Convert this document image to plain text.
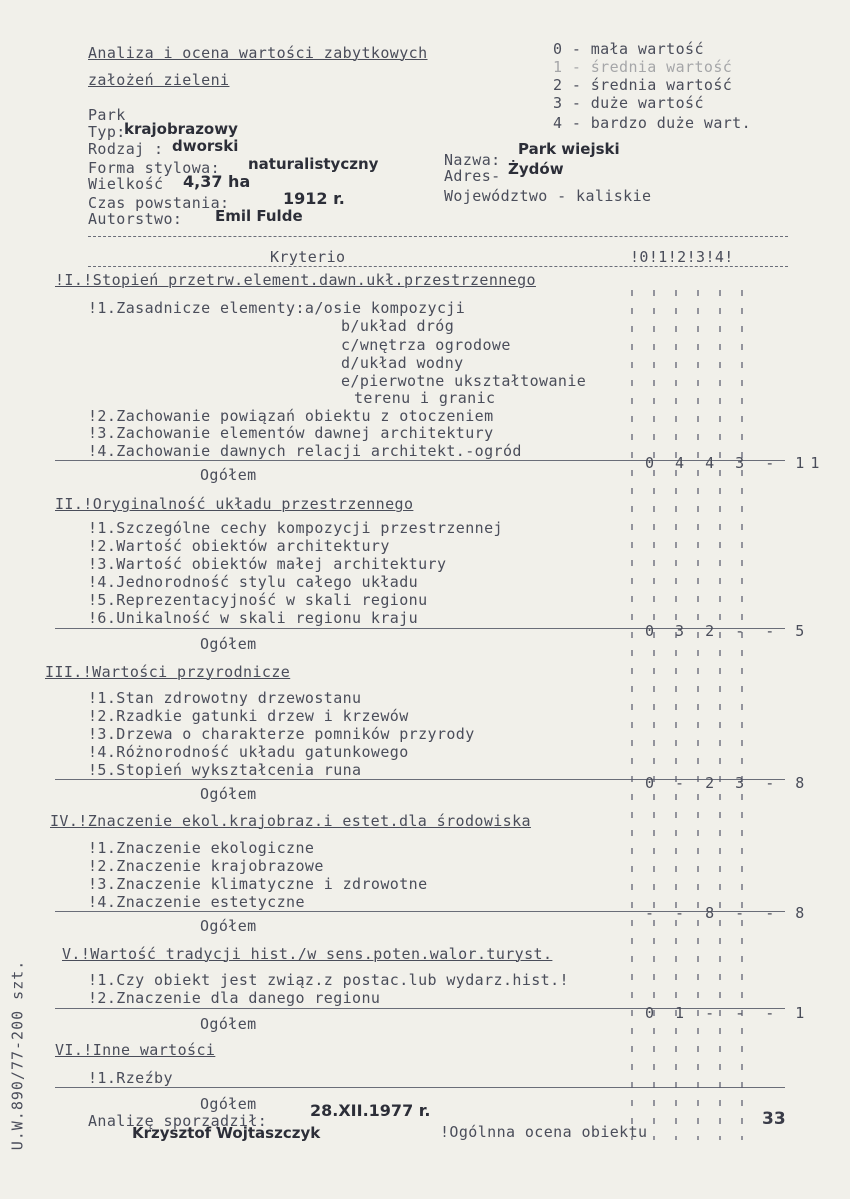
Analiza i ocena wartości zabytkowych
założeń zieleni
0 - mała wartość
1 - średnia wartość
2 - średnia wartość
3 - duże wartość
4 - bardzo duże wart.
Park
Typ:
krajobrazowy
Rodzaj : dworski
Forma stylowa: naturalistyczny
Wielkość 4,37 ha
Czas powstania:	1912 r.
Autorstwo: Emil Fulde
Nazwa:
Park wiejski
Adres- Żydów
Województwo - kaliskie
Kryterio	!0!1!2!3!4!
!I.!Stopień przetrw.element.dawn.ukł.przestrzennego
!1.Zasadnicze elementy:a/osie kompozycji
b/układ dróg
c/wnętrza ogrodowe
d/układ wodny
e/pierwotne ukształtowanie
terenu i granic
!2.Zachowanie powiązań obiektu z otoczeniem
!3.Zachowanie elementów dawnej architektury
!4.Zachowanie dawnych relacji architekt.-ogród
Ogółem
0 4 4 3 - 11
II.!Oryginalność układu przestrzennego
!1.Szczególne cechy kompozycji przestrzennej
!2.Wartość obiektów architektury
!3.Wartość obiektów małej architektury
!4.Jednorodność stylu całego układu
!5.Reprezentacyjność w skali regionu
!6.Unikalność w skali regionu kraju
Ogółem
0 3 2 - - 5
III.!Wartości przyrodnicze
!1.Stan zdrowotny drzewostanu
!2.Rzadkie gatunki drzew i krzewów
!3.Drzewa o charakterze pomników przyrody
!4.Różnorodność układu gatunkowego
!5.Stopień wykształcenia runa
Ogółem
0 - 2 3 - 8
IV.!Znaczenie ekol.krajobraz.i estet.dla środowiska
!1.Znaczenie ekologiczne
!2.Znaczenie krajobrazowe
!3.Znaczenie klimatyczne i zdrowotne
!4.Znaczenie estetyczne
Ogółem
- - 8 - - 8
V.!Wartość tradycji hist./w sens.poten.walor.turyst.
!1.Czy obiekt jest związ.z postac.lub wydarz.hist.!
!2.Znaczenie dla danego regionu
Ogółem
0 1 - - - 1
VI.!Inne wartości
!1.Rzeźby
Ogółem
Analizę sporządził:
Krzysztof Wojtaszczyk
28.XII.1977 r.
!Ogólnna ocena obiektu
33
U.W.890/77-200 szt.
